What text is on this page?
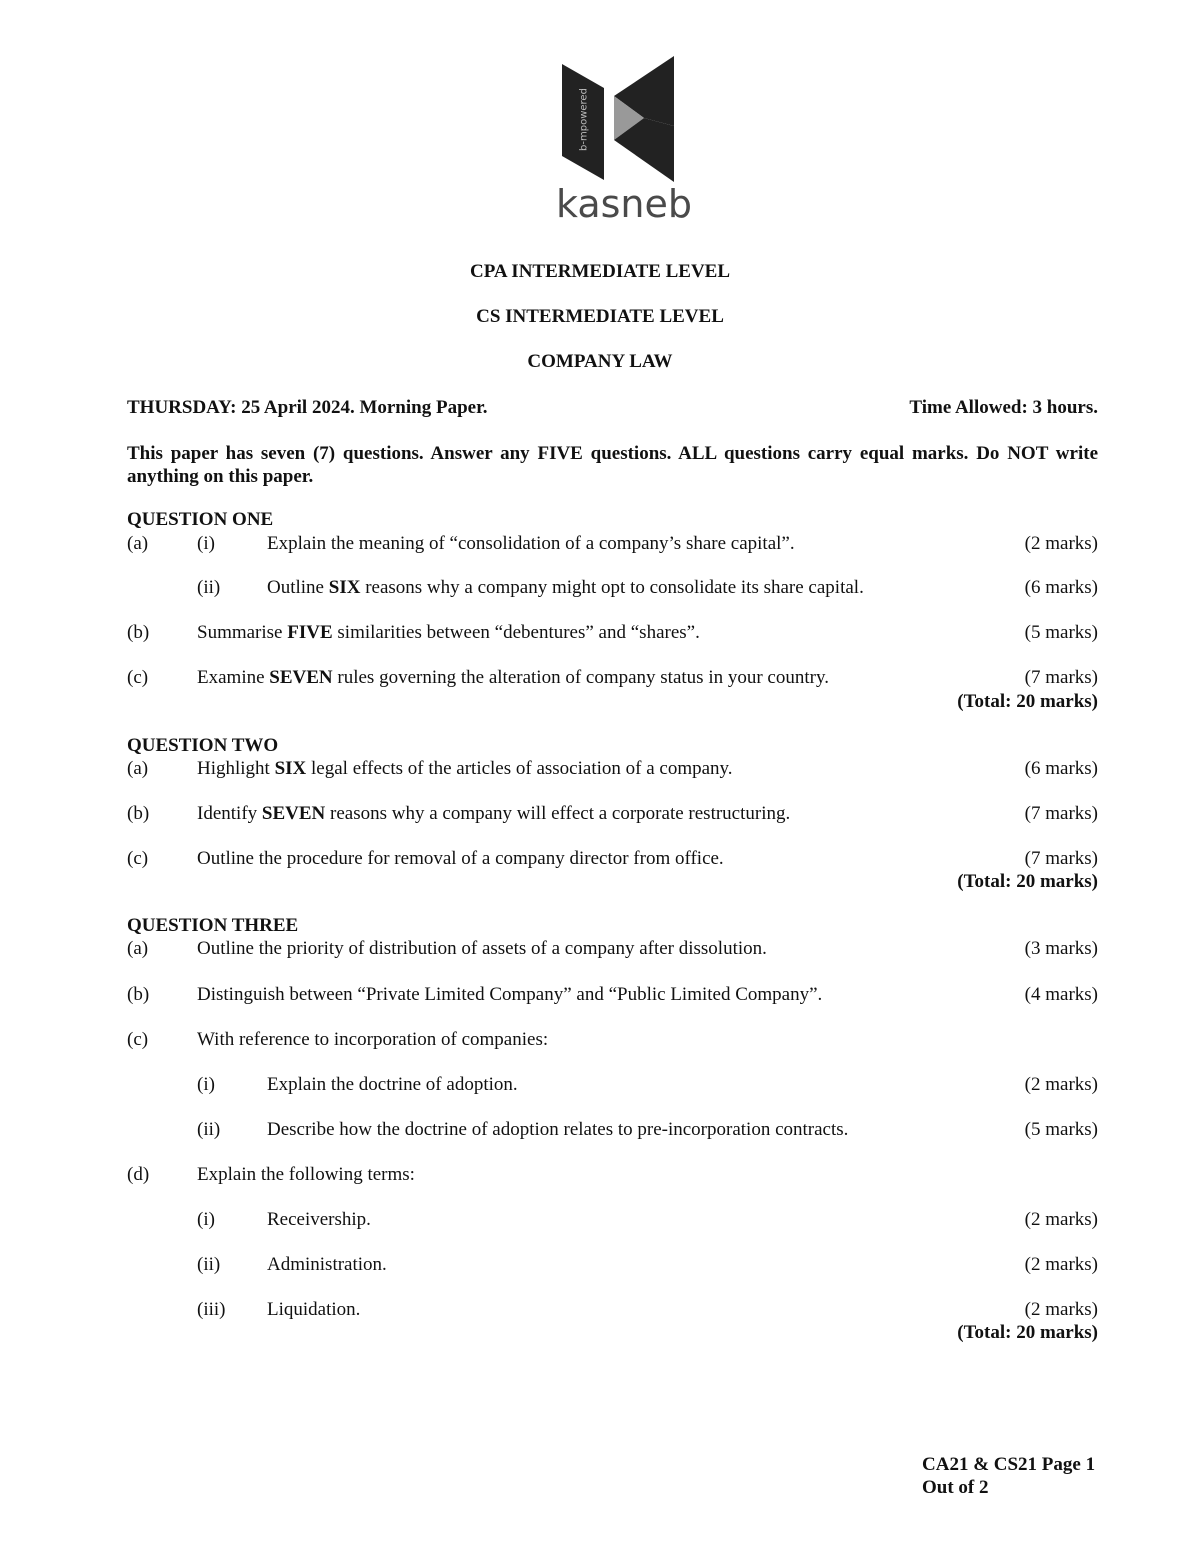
b-mpowered
kasneb
CPA INTERMEDIATE LEVEL
CS INTERMEDIATE LEVEL
COMPANY LAW
THURSDAY: 25 April 2024. Morning Paper.	Time Allowed: 3 hours.
This paper has seven (7) questions. Answer any FIVE questions. ALL questions carry equal marks. Do NOT write anything on this paper.
QUESTION ONE
(a)	(i)	Explain the meaning of “consolidation of a company’s share capital”.	(2 marks)
(ii) Outline SIX reasons why a company might opt to consolidate its share capital.	(6 marks)
(b)	Summarise FIVE similarities between “debentures” and “shares”.	(5 marks)
(c)	Examine SEVEN rules governing the alteration of company status in your country.	(7 marks)
(Total: 20 marks)
QUESTION TWO
(a)	Highlight SIX legal effects of the articles of association of a company.	(6 marks)
(b)	Identify SEVEN reasons why a company will effect a corporate restructuring.	(7 marks)
(c)	Outline the procedure for removal of a company director from office.	(7 marks)
(Total: 20 marks)
QUESTION THREE
(a)	Outline the priority of distribution of assets of a company after dissolution.	(3 marks)
(b)	Distinguish between “Private Limited Company” and “Public Limited Company”.	(4 marks)
(c)	With reference to incorporation of companies:
(i)	Explain the doctrine of adoption.	(2 marks)
(ii) Describe how the doctrine of adoption relates to pre-incorporation contracts.	(5 marks)
(d)	Explain the following terms:
(i)	Receivership.	(2 marks)
(ii) Administration.	(2 marks)
(iii) Liquidation.	(2 marks)
(Total: 20 marks)
CA21 & CS21 Page 1
Out of 2
